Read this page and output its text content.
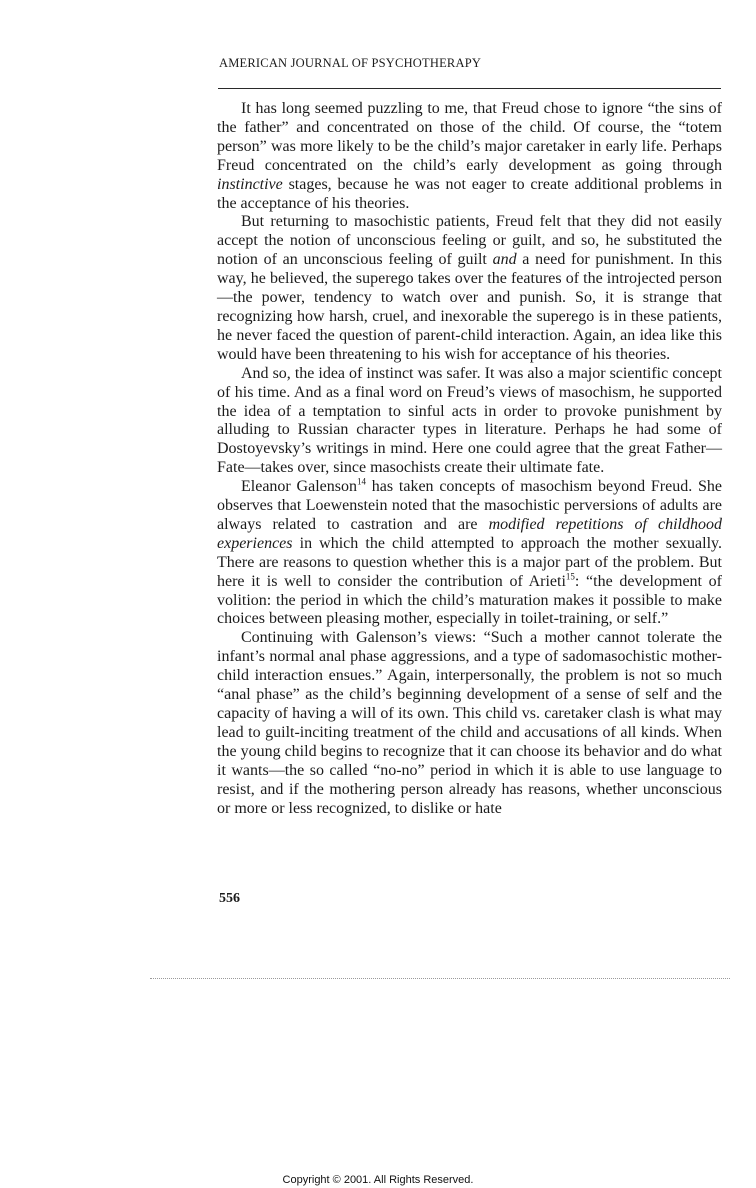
AMERICAN JOURNAL OF PSYCHOTHERAPY

It has long seemed puzzling to me, that Freud chose to ignore “the sins of the father” and concentrated on those of the child. Of course, the “totem person” was more likely to be the child’s major caretaker in early life. Perhaps Freud concentrated on the child’s early development as going through instinctive stages, because he was not eager to create additional problems in the acceptance of his theories.

But returning to masochistic patients, Freud felt that they did not easily accept the notion of unconscious feeling or guilt, and so, he substituted the notion of an unconscious feeling of guilt and a need for punishment. In this way, he believed, the superego takes over the features of the introjected person—the power, tendency to watch over and punish. So, it is strange that recognizing how harsh, cruel, and inexorable the superego is in these patients, he never faced the question of parent-child interaction. Again, an idea like this would have been threatening to his wish for acceptance of his theories.

And so, the idea of instinct was safer. It was also a major scientific concept of his time. And as a final word on Freud’s views of masochism, he supported the idea of a temptation to sinful acts in order to provoke punishment by alluding to Russian character types in literature. Perhaps he had some of Dostoyevsky’s writings in mind. Here one could agree that the great Father—Fate—takes over, since masochists create their ultimate fate.

Eleanor Galenson$^{14}$ has taken concepts of masochism beyond Freud. She observes that Loewenstein noted that the masochistic perversions of adults are always related to castration and are modified repetitions of childhood experiences in which the child attempted to approach the mother sexually. There are reasons to question whether this is a major part of the problem. But here it is well to consider the contribution of Arieti$^{15}$: “the development of volition: the period in which the child’s maturation makes it possible to make choices between pleasing mother, especially in toilet-training, or self.”

Continuing with Galenson’s views: “Such a mother cannot tolerate the infant’s normal anal phase aggressions, and a type of sadomasochistic mother-child interaction ensues.” Again, interpersonally, the problem is not so much “anal phase” as the child’s beginning development of a sense of self and the capacity of having a will of its own. This child vs. caretaker clash is what may lead to guilt-inciting treatment of the child and accusations of all kinds. When the young child begins to recognize that it can choose its behavior and do what it wants—the so called “no-no” period in which it is able to use language to resist, and if the mothering person already has reasons, whether unconscious or more or less recognized, to dislike or hate

556
Copyright © 2001. All Rights Reserved.
